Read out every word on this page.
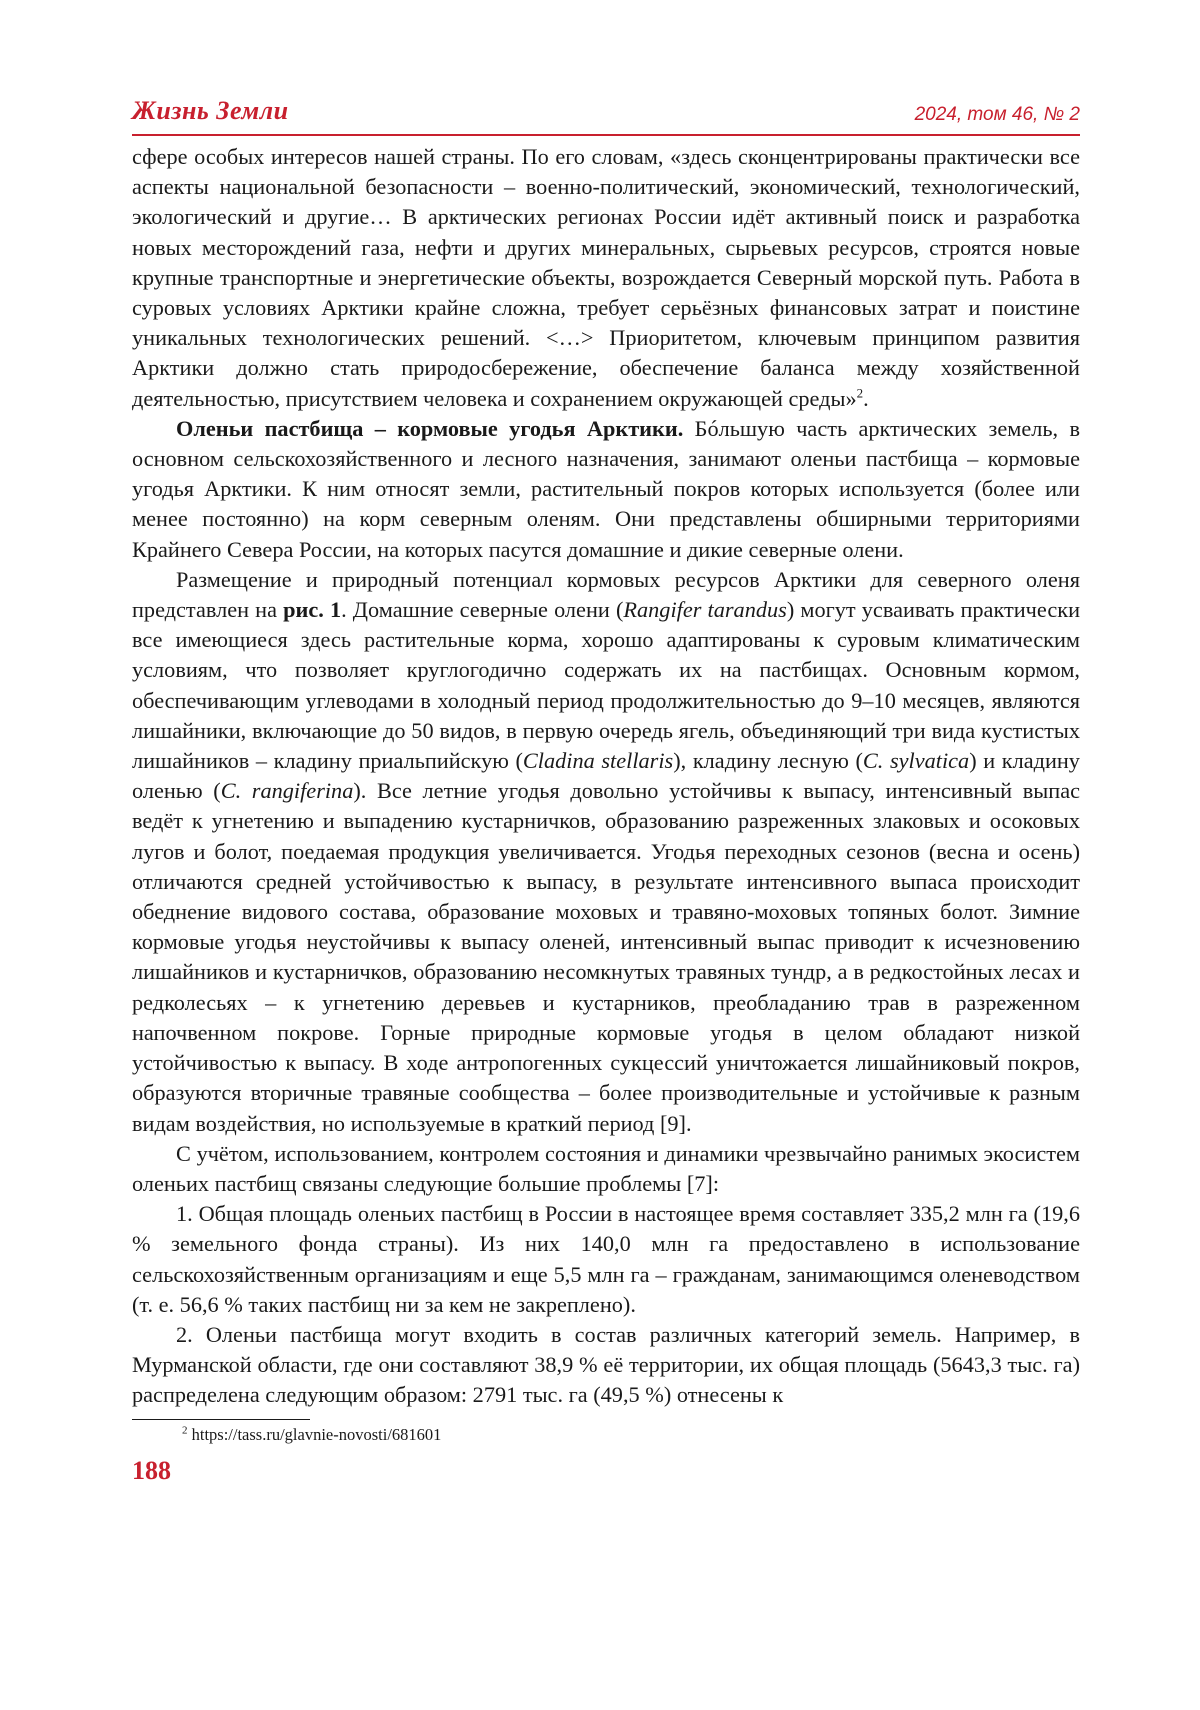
Жизнь Земли	2024, том 46, № 2

сфере особых интересов нашей страны. По его словам, «здесь сконцентрированы практически все аспекты национальной безопасности – военно-политический, экономический, технологический, экологический и другие… В арктических регионах России идёт активный поиск и разработка новых месторождений газа, нефти и других минеральных, сырьевых ресурсов, строятся новые крупные транспортные и энергетические объекты, возрождается Северный морской путь. Работа в суровых условиях Арктики крайне сложна, требует серьёзных финансовых затрат и поистине уникальных технологических решений. <…> Приоритетом, ключевым принципом развития Арктики должно стать природосбережение, обеспечение баланса между хозяйственной деятельностью, присутствием человека и сохранением окружающей среды»$^2$.

Оленьи пастбища – кормовые угодья Арктики. Бóльшую часть арктических земель, в основном сельскохозяйственного и лесного назначения, занимают оленьи пастбища – кормовые угодья Арктики. К ним относят земли, растительный покров которых используется (более или менее постоянно) на корм северным оленям. Они представлены обширными территориями Крайнего Севера России, на которых пасутся домашние и дикие северные олени.

Размещение и природный потенциал кормовых ресурсов Арктики для северного оленя представлен на рис. 1. Домашние северные олени (Rangifer tarandus) могут усваивать практически все имеющиеся здесь растительные корма, хорошо адаптированы к суровым климатическим условиям, что позволяет круглогодично содержать их на пастбищах. Основным кормом, обеспечивающим углеводами в холодный период продолжительностью до 9–10 месяцев, являются лишайники, включающие до 50 видов, в первую очередь ягель, объединяющий три вида кустистых лишайников – кладину приальпийскую (Cladina stellaris), кладину лесную (C. sylvatica) и кладину оленью (C. rangiferina). Все летние угодья довольно устойчивы к выпасу, интенсивный выпас ведёт к угнетению и выпадению кустарничков, образованию разреженных злаковых и осоковых лугов и болот, поедаемая продукция увеличивается. Угодья переходных сезонов (весна и осень) отличаются средней устойчивостью к выпасу, в результате интенсивного выпаса происходит обеднение видового состава, образование моховых и травяно-моховых топяных болот. Зимние кормовые угодья неустойчивы к выпасу оленей, интенсивный выпас приводит к исчезновению лишайников и кустарничков, образованию несомкнутых травяных тундр, а в редкостойных лесах и редколесьях – к угнетению деревьев и кустарников, преобладанию трав в разреженном напочвенном покрове. Горные природные кормовые угодья в целом обладают низкой устойчивостью к выпасу. В ходе антропогенных сукцессий уничтожается лишайниковый покров, образуются вторичные травяные сообщества – более производительные и устойчивые к разным видам воздействия, но используемые в краткий период [9].

С учётом, использованием, контролем состояния и динамики чрезвычайно ранимых экосистем оленьих пастбищ связаны следующие большие проблемы [7]:

1. Общая площадь оленьих пастбищ в России в настоящее время составляет 335,2 млн га (19,6 % земельного фонда страны). Из них 140,0 млн га предоставлено в использование сельскохозяйственным организациям и еще 5,5 млн га – гражданам, занимающимся оленеводством (т. е. 56,6 % таких пастбищ ни за кем не закреплено).

2. Оленьи пастбища могут входить в состав различных категорий земель. Например, в Мурманской области, где они составляют 38,9 % её территории, их общая площадь (5643,3 тыс. га) распределена следующим образом: 2791 тыс. га (49,5 %) отнесены к

$^2$ https://tass.ru/glavnie-novosti/681601
188
